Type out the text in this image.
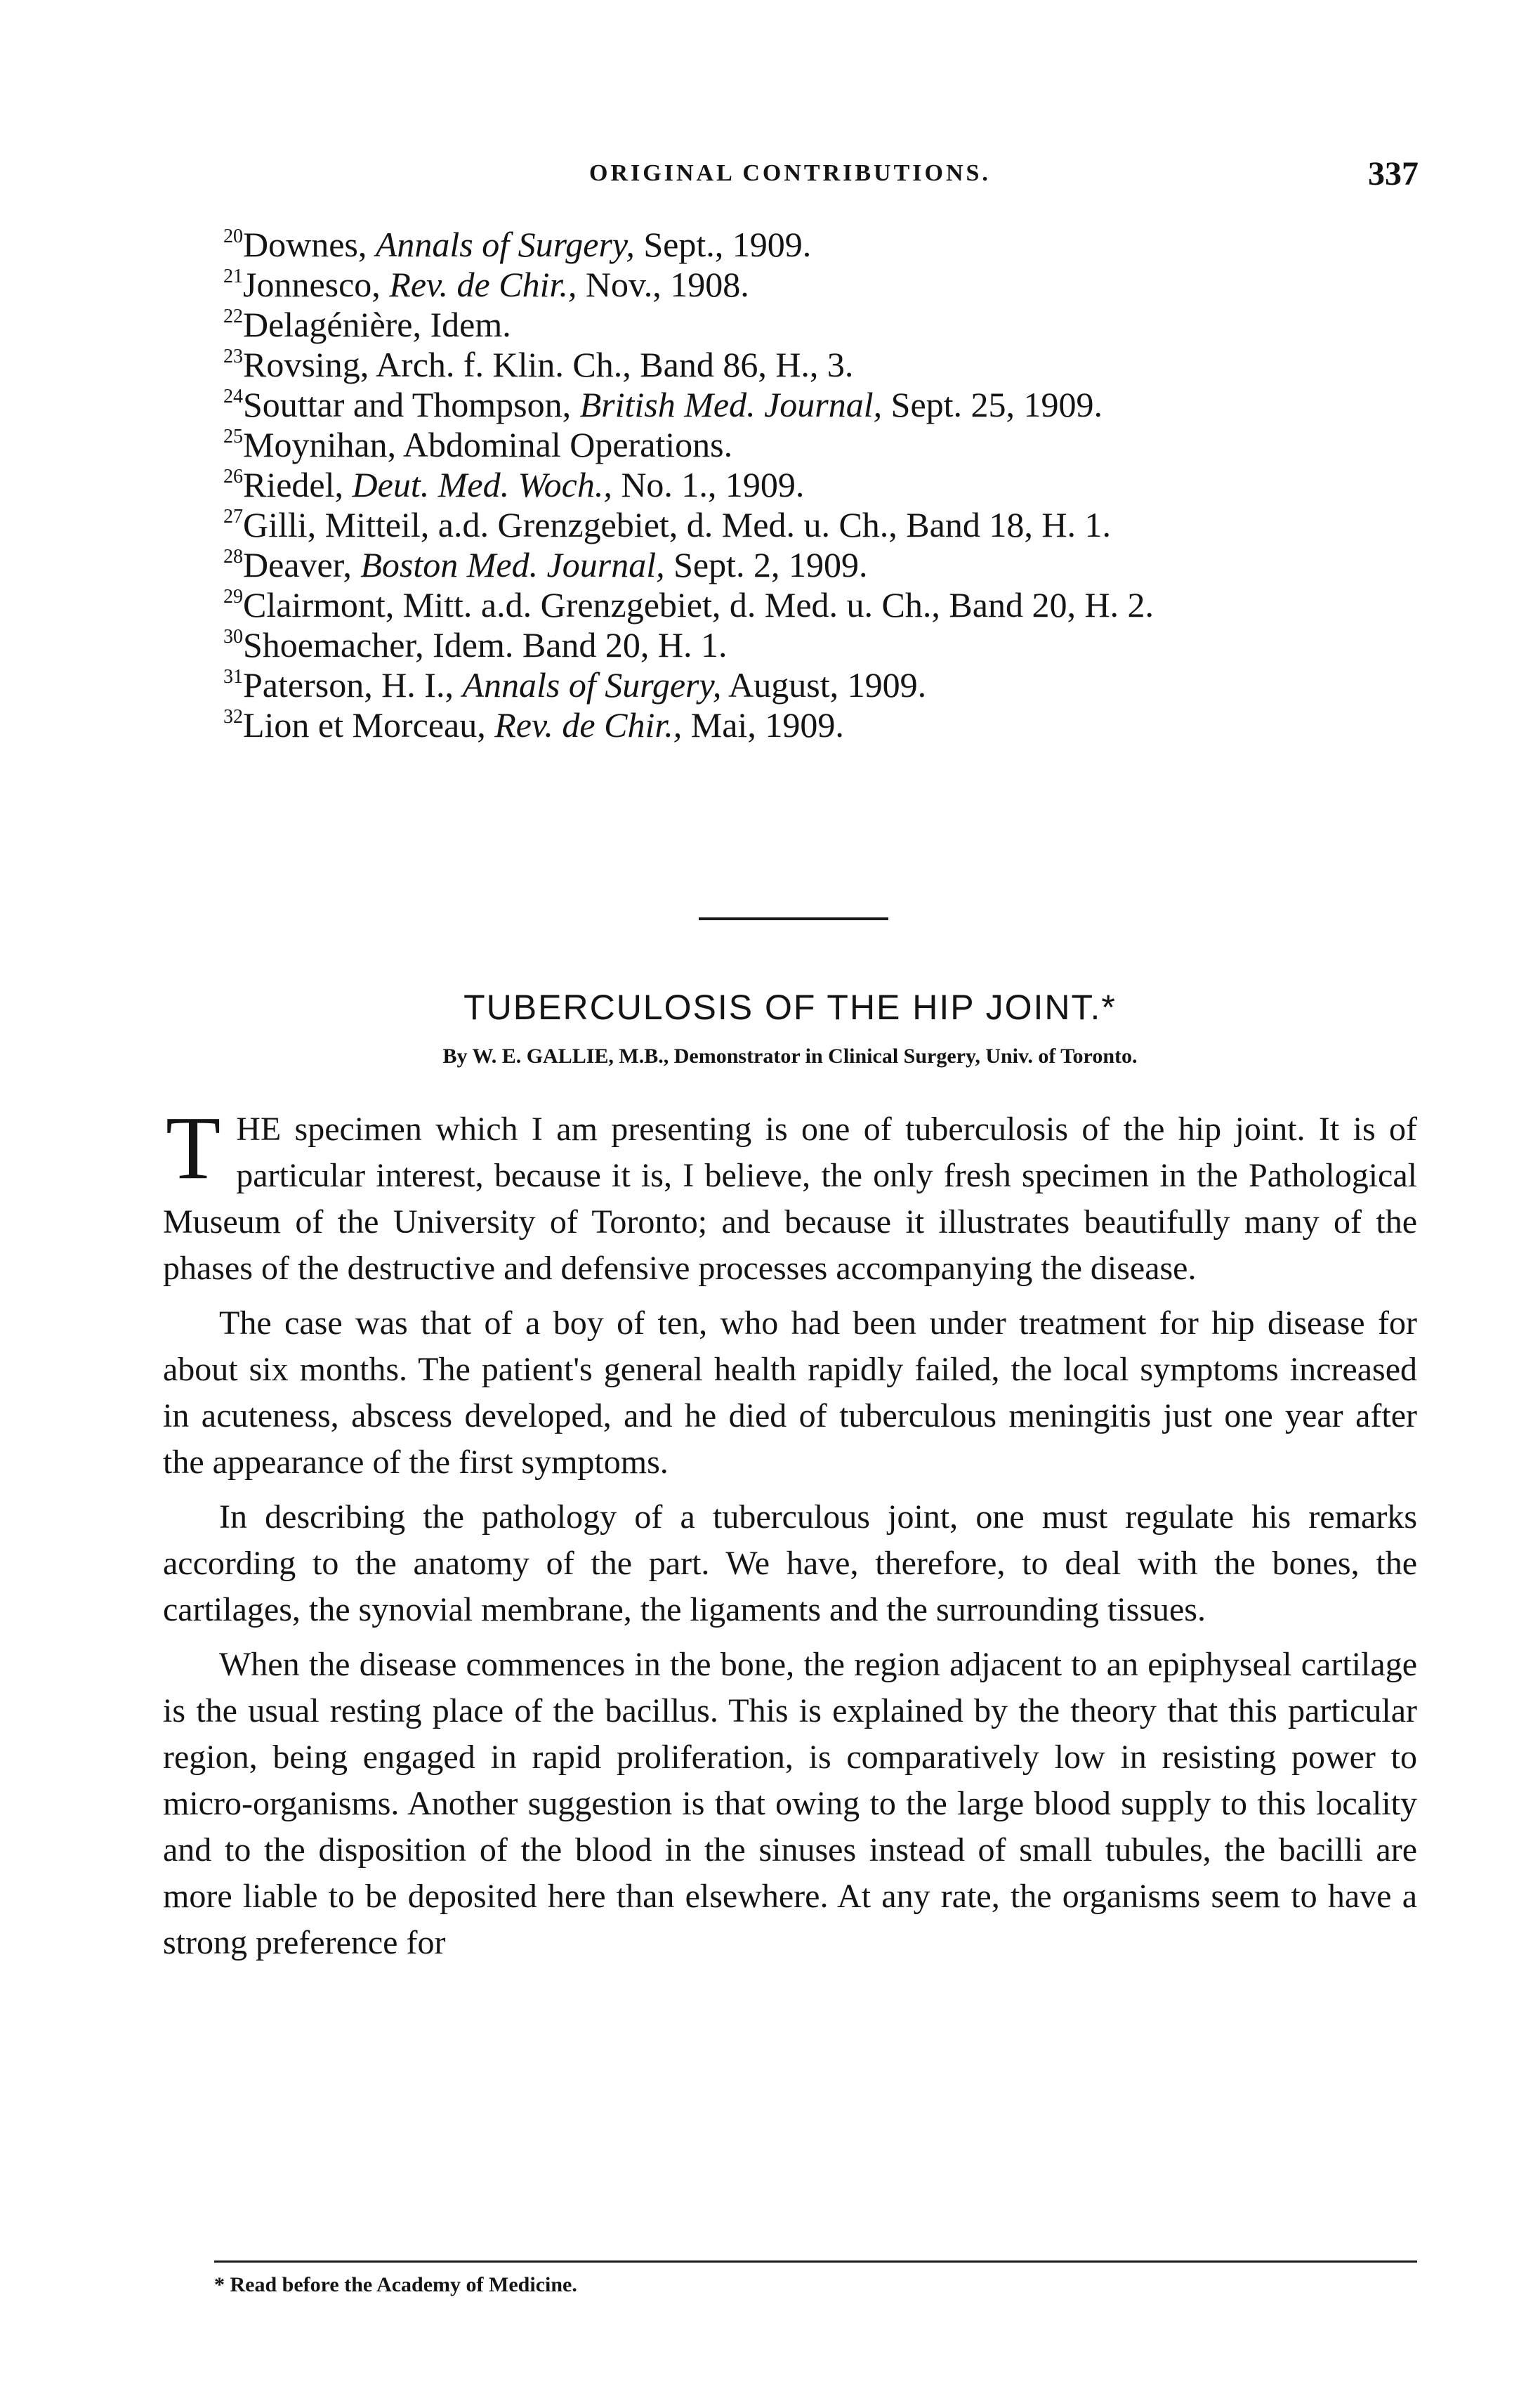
ORIGINAL CONTRIBUTIONS.	337
$^{20}$Downes, Annals of Surgery, Sept., 1909.
$^{21}$Jonnesco, Rev. de Chir., Nov., 1908.
$^{22}$Delagénière, Idem.
$^{23}$Rovsing, Arch. f. Klin. Ch., Band 86, H., 3.
$^{24}$Souttar and Thompson, British Med. Journal, Sept. 25, 1909.
$^{25}$Moynihan, Abdominal Operations.
$^{26}$Riedel, Deut. Med. Woch., No. 1., 1909.
$^{27}$Gilli, Mitteil, a.d. Grenzgebiet, d. Med. u. Ch., Band 18, H. 1.
$^{28}$Deaver, Boston Med. Journal, Sept. 2, 1909.
$^{29}$Clairmont, Mitt. a.d. Grenzgebiet, d. Med. u. Ch., Band 20, H. 2.
$^{30}$Shoemacher, Idem. Band 20, H. 1.
$^{31}$Paterson, H. I., Annals of Surgery, August, 1909.
$^{32}$Lion et Morceau, Rev. de Chir., Mai, 1909.
TUBERCULOSIS OF THE HIP JOINT.*
By W. E. GALLIE, M.B., Demonstrator in Clinical Surgery, Univ. of Toronto.

THE specimen which I am presenting is one of tuberculosis of the hip joint. It is of particular interest, because it is, I believe, the only fresh specimen in the Pathological Museum of the University of Toronto; and because it illustrates beautifully many of the phases of the destructive and defensive processes accompanying the disease.

The case was that of a boy of ten, who had been under treatment for hip disease for about six months. The patient's general health rapidly failed, the local symptoms increased in acuteness, abscess developed, and he died of tuberculous meningitis just one year after the appearance of the first symptoms.

In describing the pathology of a tuberculous joint, one must regulate his remarks according to the anatomy of the part. We have, therefore, to deal with the bones, the cartilages, the synovial membrane, the ligaments and the surrounding tissues.

When the disease commences in the bone, the region adjacent to an epiphyseal cartilage is the usual resting place of the bacillus. This is explained by the theory that this particular region, being engaged in rapid proliferation, is comparatively low in resisting power to micro-organisms. Another suggestion is that owing to the large blood supply to this locality and to the disposition of the blood in the sinuses instead of small tubules, the bacilli are more liable to be deposited here than elsewhere. At any rate, the organisms seem to have a strong preference for

* Read before the Academy of Medicine.
